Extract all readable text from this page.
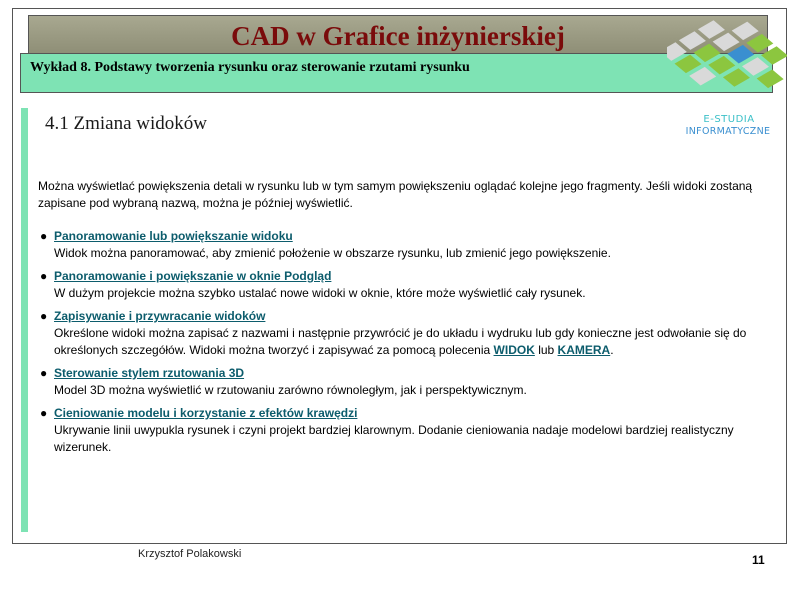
CAD w Grafice inżynierskiej
Wykład 8. Podstawy tworzenia rysunku oraz sterowanie rzutami rysunku
E-STUDIA
INFORMATYCZNE
4.1 Zmiana widoków

Można wyświetlać powiększenia detali w rysunku lub w tym samym powiększeniu oglądać kolejne jego fragmenty. Jeśli widoki zostaną zapisane pod wybraną nazwą, można je później wyświetlić.

● Panoramowanie lub powiększanie widoku
Widok można panoramować, aby zmienić położenie w obszarze rysunku, lub zmienić jego powiększenie.
● Panoramowanie i powiększanie w oknie Podgląd
W dużym projekcie można szybko ustalać nowe widoki w oknie, które może wyświetlić cały rysunek.
● Zapisywanie i przywracanie widoków
Określone widoki można zapisać z nazwami i następnie przywrócić je do układu i wydruku lub gdy konieczne jest odwołanie się do określonych szczegółów. Widoki można tworzyć i zapisywać za pomocą polecenia WIDOK lub KAMERA.
● Sterowanie stylem rzutowania 3D
Model 3D można wyświetlić w rzutowaniu zarówno równoległym, jak i perspektywicznym.
● Cieniowanie modelu i korzystanie z efektów krawędzi
Ukrywanie linii uwypukla rysunek i czyni projekt bardziej klarownym. Dodanie cieniowania nadaje modelowi bardziej realistyczny wizerunek.
Krzysztof Polakowski	11
